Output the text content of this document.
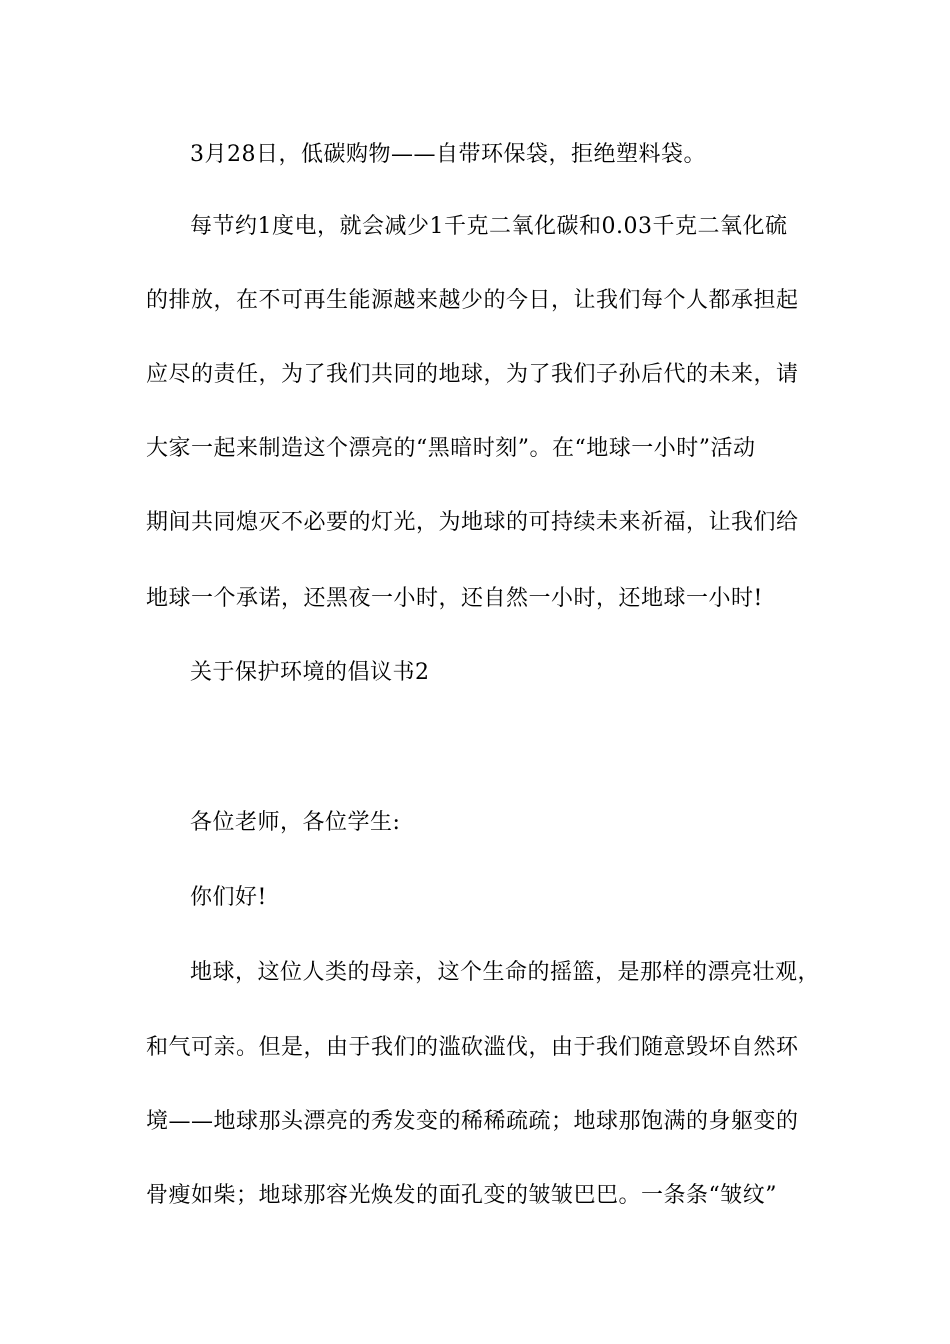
3月28日，低碳购物——自带环保袋，拒绝塑料袋。
每节约1度电，就会减少1千克二氧化碳和0.03千克二氧化硫
的排放，在不可再生能源越来越少的今日，让我们每个人都承担起
应尽的责任，为了我们共同的地球，为了我们子孙后代的未来，请
大家一起来制造这个漂亮的“黑暗时刻”。在“地球一小时”活动
期间共同熄灭不必要的灯光，为地球的可持续未来祈福，让我们给
地球一个承诺，还黑夜一小时，还自然一小时，还地球一小时!
关于保护环境的倡议书2
各位老师，各位学生:
你们好!
地球，这位人类的母亲，这个生命的摇篮，是那样的漂亮壮观，
和气可亲。但是，由于我们的滥砍滥伐，由于我们随意毁坏自然环
境——地球那头漂亮的秀发变的稀稀疏疏；地球那饱满的身躯变的
骨瘦如柴；地球那容光焕发的面孔变的皱皱巴巴。一条条“皱纹”
